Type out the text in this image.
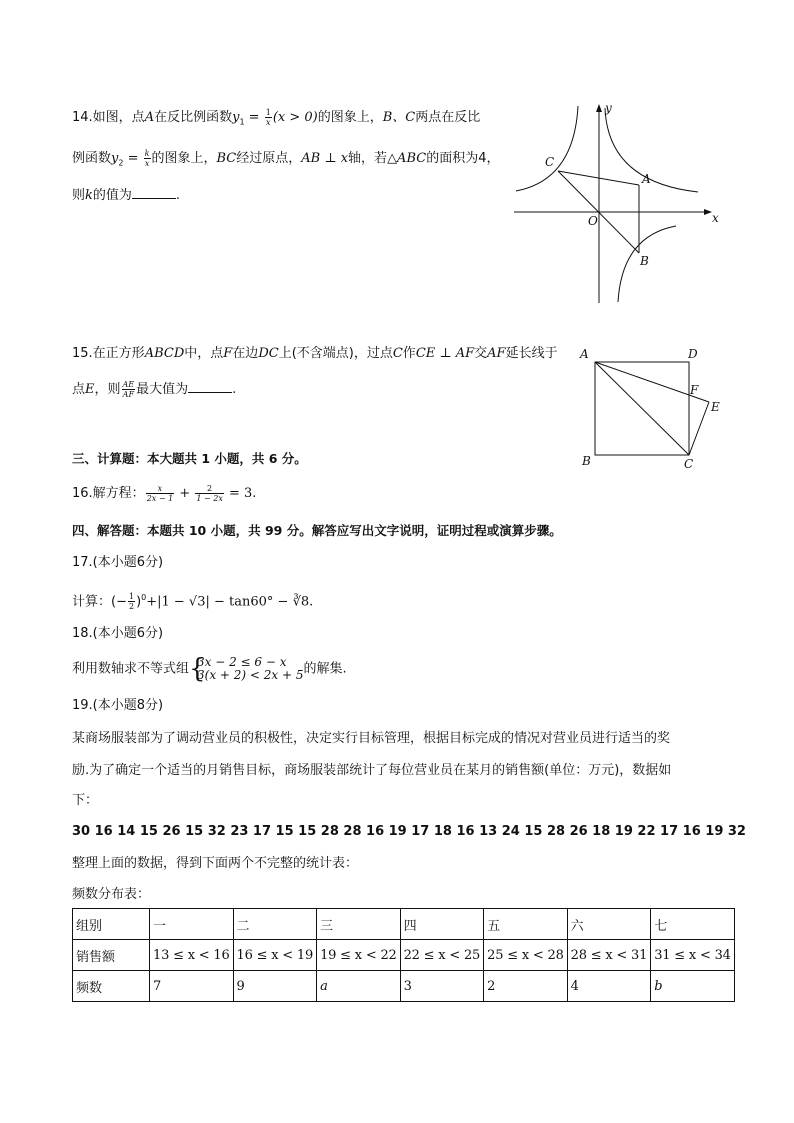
14.如图，点A在反比例函数$y_1 = \frac{1}{x} (x > 0)$的图象上，B、C两点在反比
例函数$y_2 = \frac{k}{x}$ 的图象上，BC经过原点，AB ⊥ x轴，若△ABC的面积为4，
则k的值为	.
y
x
C
A
O
B
15.在正方形ABCD中，点F在边DC上(不含端点)，过点C作CE ⊥ AF交AF延长线于
点E，则 $\frac{AE}{AF}$ 最大值为	.
A	D
F
E
B	C
三、计算题：本大题共 1 小题，共 6 分。
16.解方程： $\frac{x}{2x - 1} + \frac{2}{1 - 2x} = 3$.
四、解答题：本题共 10 小题，共 99 分。解答应写出文字说明，证明过程或演算步骤。
17.(本小题6分)
计算：(− $\frac{1}{2} )^0+|1 - √3| - \tan 60^\circ$ − ∛8.
18.(本小题6分)
利用数轴求不等式组 {
3x − 2 ≤ 6 − x
3(x + 2) < 2x + 5 的解集.
19.(本小题8分)
某商场服装部为了调动营业员的积极性，决定实行目标管理，根据目标完成的情况对营业员进行适当的奖
励.为了确定一个适当的月销售目标，商场服装部统计了每位营业员在某月的销售额(单位：万元)，数据如
下：
30 16 14 15 26 15 32 23 17 15 15 28 28 16 19 17 18 16 13 24 15 28 26 18 19 22 17 16 19 32
整理上面的数据，得到下面两个不完整的统计表：
频数分布表：
组别	一	二	三	四	五	六	七
销售额	13 ≤ x < 16	16 ≤ x < 19	19 ≤ x < 22	22 ≤ x < 25	25 ≤ x < 28	28 ≤ x < 31	31 ≤ x < 34
频数	7	9	a	3	2	4	b
